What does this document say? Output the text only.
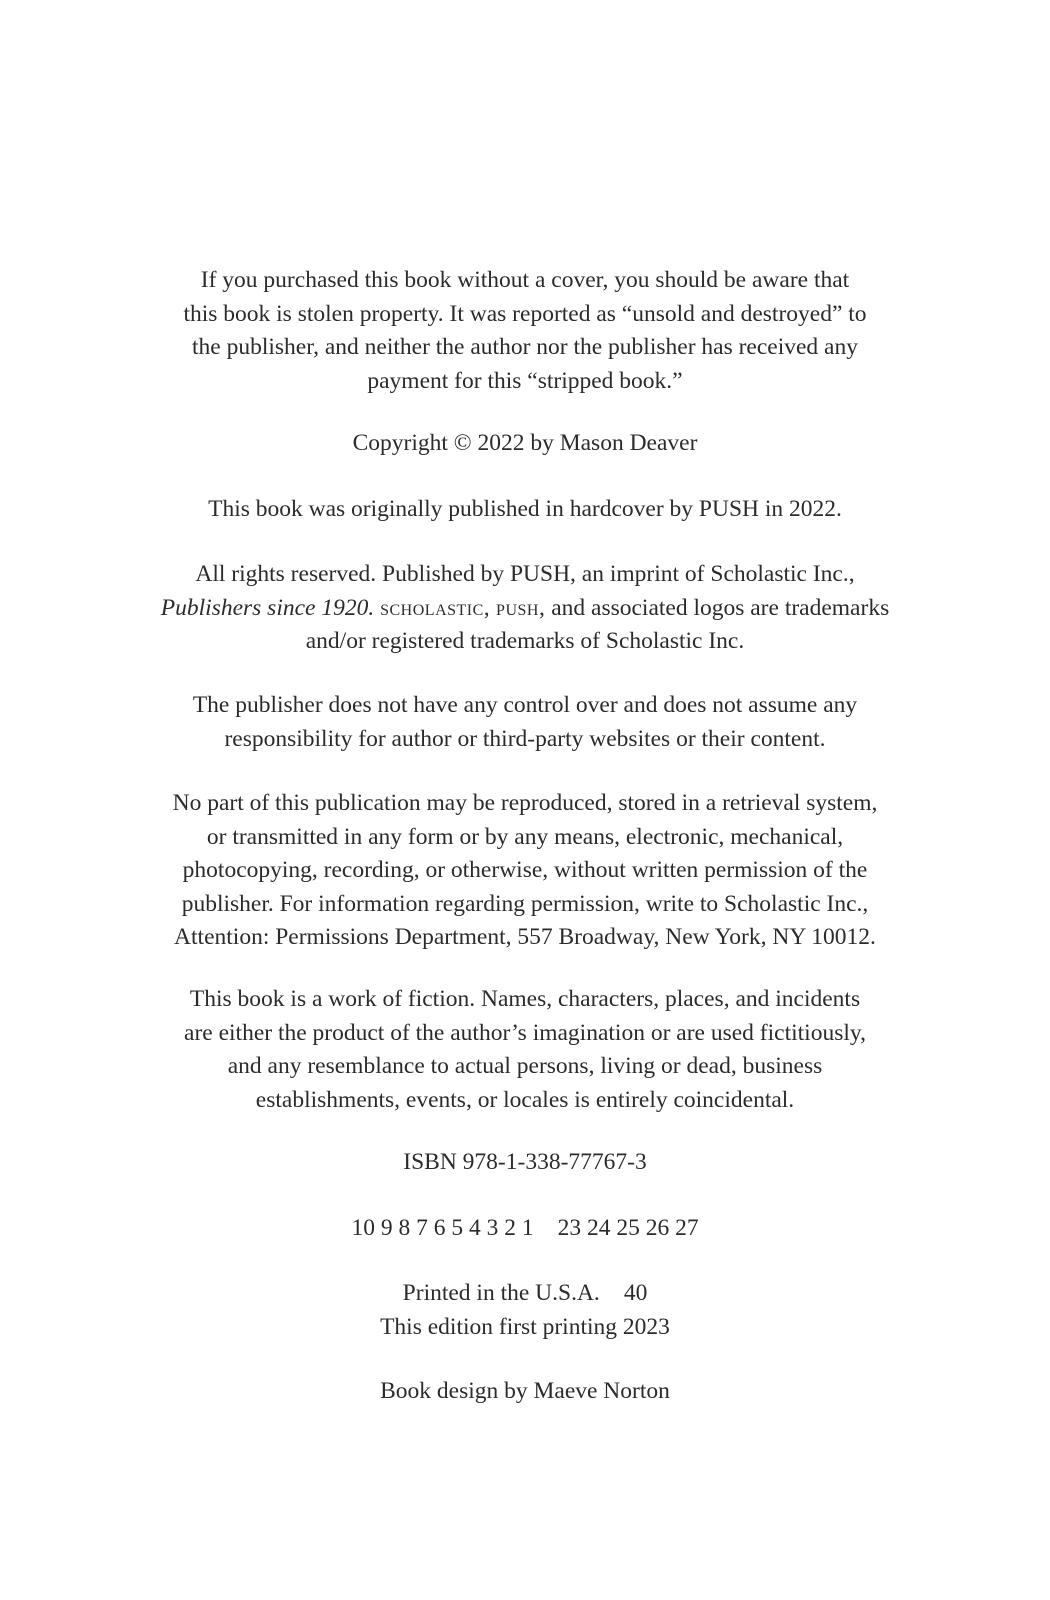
If you purchased this book without a cover, you should be aware that
this book is stolen property. It was reported as “unsold and destroyed” to
the publisher, and neither the author nor the publisher has received any
payment for this “stripped book.”

Copyright © 2022 by Mason Deaver

This book was originally published in hardcover by PUSH in 2022.

All rights reserved. Published by PUSH, an imprint of Scholastic Inc.,
Publishers since 1920. scholastic, push, and associated logos are trademarks
and/or registered trademarks of Scholastic Inc.

The publisher does not have any control over and does not assume any
responsibility for author or third-party websites or their content.

No part of this publication may be reproduced, stored in a retrieval system,
or transmitted in any form or by any means, electronic, mechanical,
photocopying, recording, or otherwise, without written permission of the
publisher. For information regarding permission, write to Scholastic Inc.,
Attention: Permissions Department, 557 Broadway, New York, NY 10012.

This book is a work of fiction. Names, characters, places, and incidents
are either the product of the author’s imagination or are used fictitiously,
and any resemblance to actual persons, living or dead, business
establishments, events, or locales is entirely coincidental.

ISBN 978-1-338-77767-3

10 9 8 7 6 5 4 3 2 1 23 24 25 26 27

Printed in the U.S.A. 40
This edition first printing 2023

Book design by Maeve Norton
